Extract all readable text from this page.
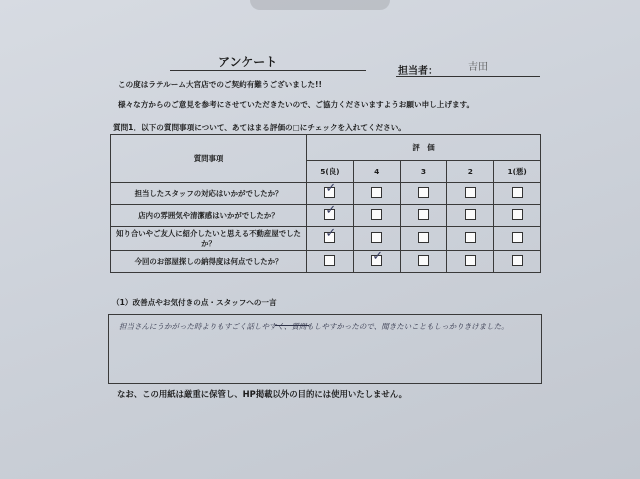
アンケート
担当者：	吉田
この度はラテルーム大宮店でのご契約有難うございました!!
様々な方からのご意見を参考にさせていただきたいので、ご協力くださいますようお願い申し上げます。
質問1．以下の質問事項について、あてはまる評価の□にチェックを入れてください。
質問事項	評　価				
	5(良)	4	3	2	1(悪)
担当したスタッフの対応はいかがでしたか？	✓				
店内の雰囲気や清潔感はいかがでしたか？	✓				
知り合いやご友人に紹介したいと思える不動産屋でしたか？	✓				
今回のお部屋探しの納得度は何点でしたか？		✓			
（1）改善点やお気付きの点・スタッフへの一言
担当さんにうかがった時よりもすごく話しやすく、質問もしやすかったので、聞きたいこともしっかりきけました。
なお、この用紙は厳重に保管し、HP掲載以外の目的には使用いたしません。
